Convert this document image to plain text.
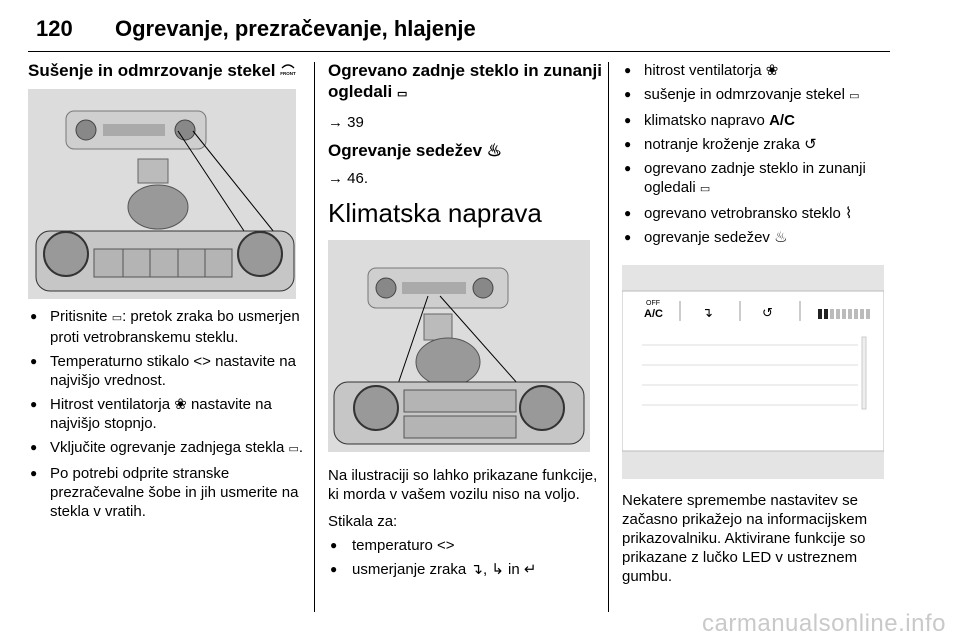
120 Ogrevanje, prezračevanje, hlajenje
Sušenje in odmrzovanje stekel FRONT
● Pritisnite ▭: pretok zraka bo usmerjen proti vetrobranskemu steklu.
● Temperaturno stikalo ˂˃ nastavite na najvišjo vrednost.
● Hitrost ventilatorja ❀ nastavite na najvišjo stopnjo.
● Vključite ogrevanje zadnjega stekla ▭.
● Po potrebi odprite stranske prezračevalne šobe in jih usmerite na stekla v vratih.
Ogrevano zadnje steklo in zunanji ogledali ▭

→ 39

Ogrevanje sedežev ♨

→ 46.

Klimatska naprava

Na ilustraciji so lahko prikazane funkcije, ki morda v vašem vozilu niso na voljo.

Stikala za:

● temperaturo ˂˃
● usmerjanje zraka ↴, ↳ in ↵
● hitrost ventilatorja ❀
● sušenje in odmrzovanje stekel ▭
● klimatsko napravo A/C
● notranje kroženje zraka ↺
● ogrevano zadnje steklo in zunanji ogledali ▭
● ogrevano vetrobransko steklo ⌇
● ogrevanje sedežev ♨
OFF
A/C	↴	↺

Nekatere spremembe nastavitev se začasno prikažejo na informacijskem prikazovalniku. Aktivirane funkcije so prikazane z lučko LED v ustreznem gumbu.

carmanualsonline.info
